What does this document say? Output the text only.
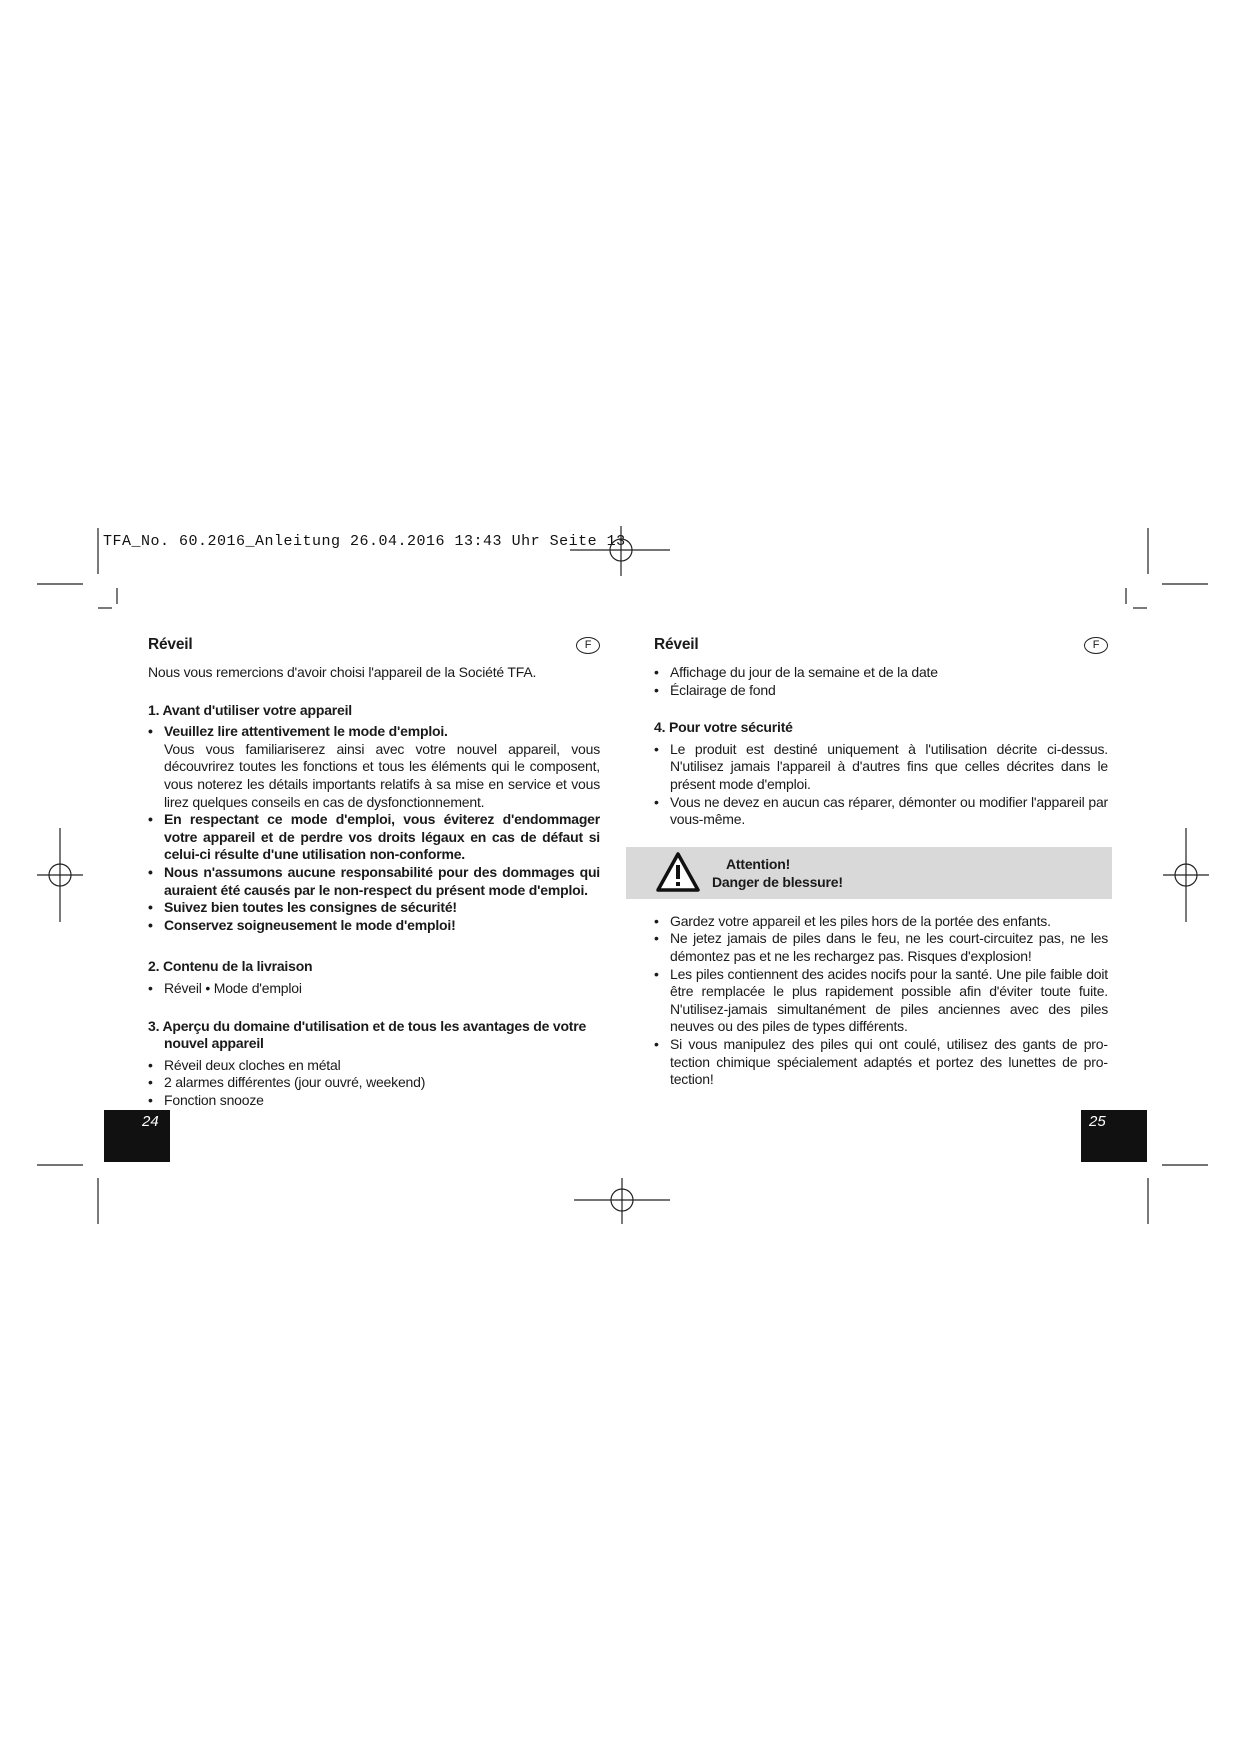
TFA_No. 60.2016_Anleitung 26.04.2016 13:43 Uhr Seite 13
Réveil	F

Nous vous remercions d'avoir choisi l'appareil de la Société TFA.

1. Avant d'utiliser votre appareil
• Veuillez lire attentivement le mode d'emploi.
Vous vous familiariserez ainsi avec votre nouvel appareil, vous découvrirez toutes les fonctions et tous les éléments qui le composent, vous noterez les détails importants relatifs à sa mise en service et vous lirez quelques conseils en cas de dysfonctionnement.
• En respectant ce mode d'emploi, vous éviterez d'endommager votre appareil et de perdre vos droits légaux en cas de défaut si celui-ci résulte d'une utilisation non-conforme.
• Nous n'assumons aucune responsabilité pour des dommages qui auraient été causés par le non-respect du présent mode d'emploi.
• Suivez bien toutes les consignes de sécurité!
• Conservez soigneusement le mode d'emploi!
2. Contenu de la livraison
• Réveil • Mode d'emploi
3. Aperçu du domaine d'utilisation et de tous les avantages de votre nouvel appareil
• Réveil deux cloches en métal
• 2 alarmes différentes (jour ouvré, weekend)
• Fonction snooze
Réveil	F
• Affichage du jour de la semaine et de la date
• Éclairage de fond
4. Pour votre sécurité
• Le produit est destiné uniquement à l'utilisation décrite ci-dessus. N'utilisez jamais l'appareil à d'autres fins que celles décrites dans le présent mode d'emploi.
• Vous ne devez en aucun cas réparer, démonter ou modifier l'appareil par vous-même.
Attention!
Danger de blessure!
• Gardez votre appareil et les piles hors de la portée des enfants.
• Ne jetez jamais de piles dans le feu, ne les court-circuitez pas, ne les démontez pas et ne les rechargez pas. Risques d'explosion!
• Les piles contiennent des acides nocifs pour la santé. Une pile faible doit être remplacée le plus rapidement possible afin d'éviter toute fuite. N'utilisez-jamais simultanément de piles anciennes avec des piles neuves ou des piles de types différents.
• Si vous manipulez des piles qui ont coulé, utilisez des gants de protection chimique spécialement adaptés et portez des lunettes de protection!
24	25
